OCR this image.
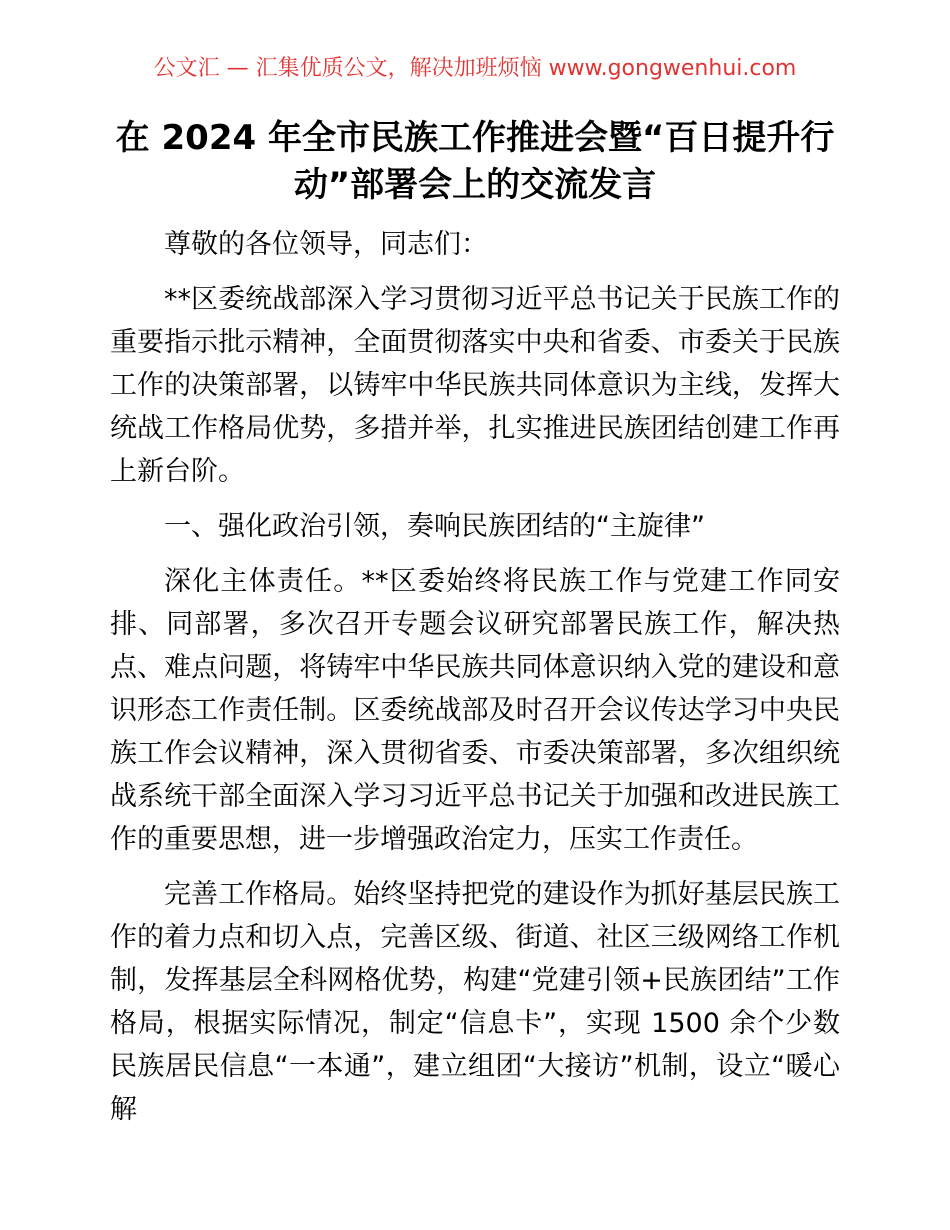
公文汇 — 汇集优质公文，解决加班烦恼 www.gongwenhui.com
在 2024 年全市民族工作推进会暨“百日提升行动”部署会上的交流发言

尊敬的各位领导，同志们：

**区委统战部深入学习贯彻习近平总书记关于民族工作的重要指示批示精神，全面贯彻落实中央和省委、市委关于民族工作的决策部署，以铸牢中华民族共同体意识为主线，发挥大统战工作格局优势，多措并举，扎实推进民族团结创建工作再上新台阶。

一、强化政治引领，奏响民族团结的“主旋律”

深化主体责任。**区委始终将民族工作与党建工作同安排、同部署，多次召开专题会议研究部署民族工作，解决热点、难点问题，将铸牢中华民族共同体意识纳入党的建设和意识形态工作责任制。区委统战部及时召开会议传达学习中央民族工作会议精神，深入贯彻省委、市委决策部署，多次组织统战系统干部全面深入学习习近平总书记关于加强和改进民族工作的重要思想，进一步增强政治定力，压实工作责任。

完善工作格局。始终坚持把党的建设作为抓好基层民族工作的着力点和切入点，完善区级、街道、社区三级网络工作机制，发挥基层全科网格优势，构建“党建引领+民族团结”工作格局，根据实际情况，制定“信息卡”，实现 1500 余个少数民族居民信息“一本通”，建立组团“大接访”机制，设立“暖心解
